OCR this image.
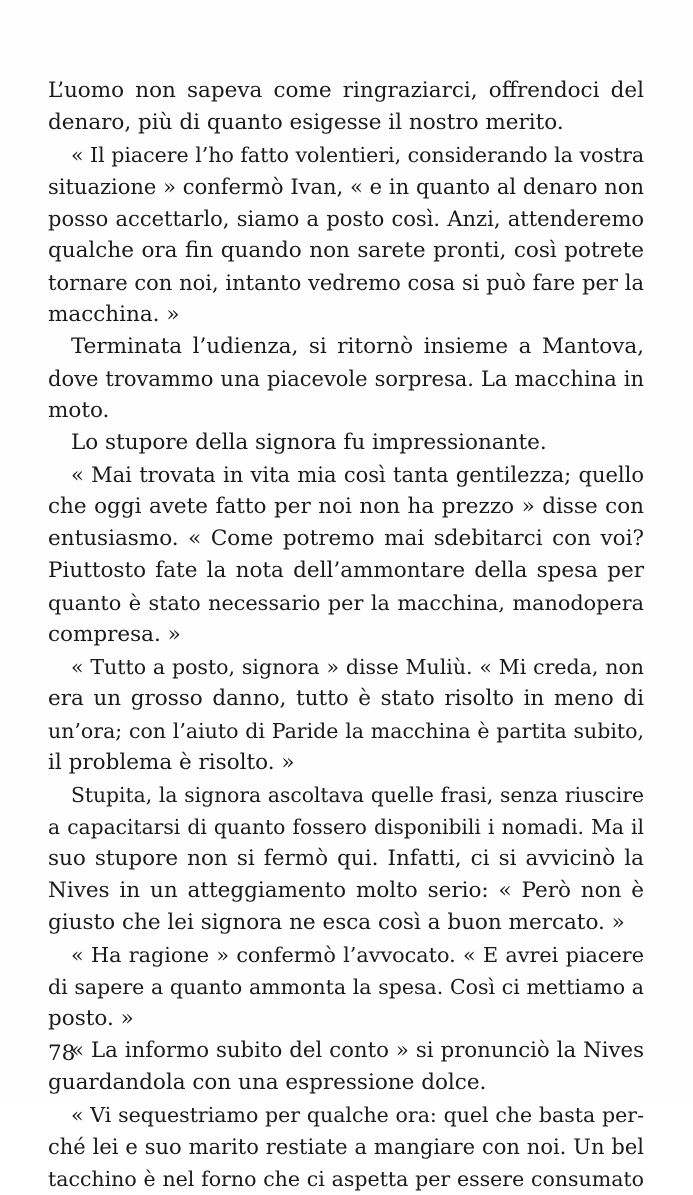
L’uomo non sapeva come ringraziarci, offrendoci del
denaro, più di quanto esigesse il nostro merito.
« Il piacere l’ho fatto volentieri, considerando la vostra
situazione » confermò Ivan, « e in quanto al denaro non
posso accettarlo, siamo a posto così. Anzi, attenderemo
qualche ora fin quando non sarete pronti, così potrete
tornare con noi, intanto vedremo cosa si può fare per la
macchina. »
Terminata l’udienza, si ritornò insieme a Mantova,
dove trovammo una piacevole sorpresa. La macchina in
moto.
Lo stupore della signora fu impressionante.
« Mai trovata in vita mia così tanta gentilezza; quello
che oggi avete fatto per noi non ha prezzo » disse con
entusiasmo. « Come potremo mai sdebitarci con voi?
Piuttosto fate la nota dell’ammontare della spesa per
quanto è stato necessario per la macchina, manodopera
compresa. »
« Tutto a posto, signora » disse Muliù. « Mi creda, non
era un grosso danno, tutto è stato risolto in meno di
un’ora; con l’aiuto di Paride la macchina è partita subito,
il problema è risolto. »
Stupita, la signora ascoltava quelle frasi, senza riuscire
a capacitarsi di quanto fossero disponibili i nomadi. Ma il
suo stupore non si fermò qui. Infatti, ci si avvicinò la
Nives in un atteggiamento molto serio: « Però non è
giusto che lei signora ne esca così a buon mercato. »
« Ha ragione » confermò l’avvocato. « E avrei piacere
di sapere a quanto ammonta la spesa. Così ci mettiamo a
posto. »
« La informo subito del conto » si pronunciò la Nives
guardandola con una espressione dolce.
« Vi sequestriamo per qualche ora: quel che basta per-
ché lei e suo marito restiate a mangiare con noi. Un bel
tacchino è nel forno che ci aspetta per essere consumato
78
